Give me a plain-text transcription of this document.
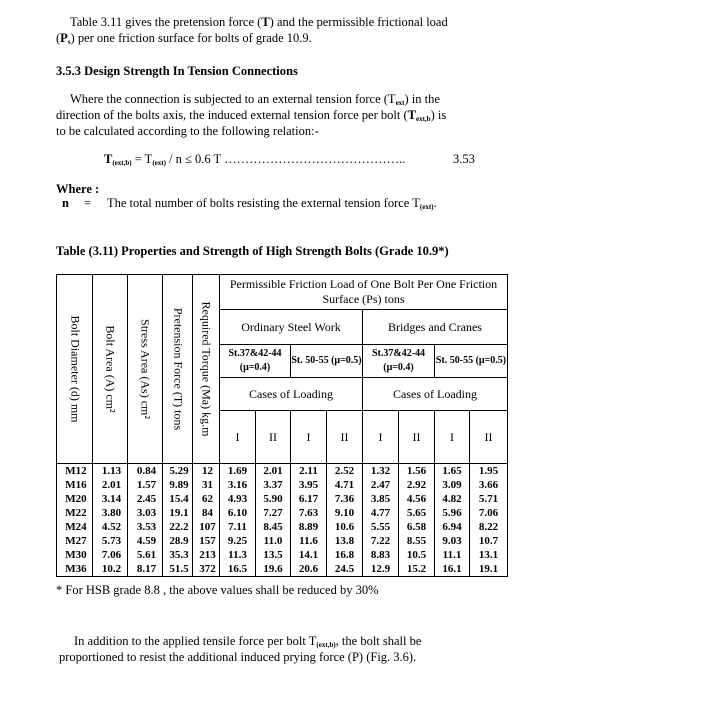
Table 3.11 gives the pretension force (T) and the permissible frictional load
$(P_s)$ per one friction surface for bolts of grade 10.9.
3.5.3 Design Strength In Tension Connections
Where the connection is subjected to an external tension force $(T_{ext})$ in the
direction of the bolts axis, the induced external tension force per bolt $(T_{ext,b})$ is
to be calculated according to the following relation:-
$T_{(ext,b)} = T_{(ext)} / n \le 0.6$ T ……………………………………..	3.53
Where :
n = The total number of bolts resisting the external tension force $T_{(ext)}$.
Table (3.11) Properties and Strength of High Strength Bolts (Grade 10.9*)
Bolt Diameter (d) mm	Bolt Area (A) cm²	Stress Area (As) cm²	Pretension Force (T) tons	Required Torque (Ma) kg.m	Permissible Friction Load of One Bolt Per One Friction Surface (Ps) tons							
					Ordinary Steel Work				Bridges and Cranes			
					St.37&42-44 (μ=0.4)		St. 50-55 (μ=0.5)		St.37&42-44 (μ=0.4)		St. 50-55 (μ=0.5)	
					Cases of Loading				Cases of Loading			
					I	II	I	II	I	II	I	II
M12	1.13	0.84	5.29	12	1.69	2.01	2.11	2.52	1.32	1.56	1.65	1.95
M16	2.01	1.57	9.89	31	3.16	3.37	3.95	4.71	2.47	2.92	3.09	3.66
M20	3.14	2.45	15.4	62	4.93	5.90	6.17	7.36	3.85	4.56	4.82	5.71
M22	3.80	3.03	19.1	84	6.10	7.27	7.63	9.10	4.77	5.65	5.96	7.06
M24	4.52	3.53	22.2	107	7.11	8.45	8.89	10.6	5.55	6.58	6.94	8.22
M27	5.73	4.59	28.9	157	9.25	11.0	11.6	13.8	7.22	8.55	9.03	10.7
M30	7.06	5.61	35.3	213	11.3	13.5	14.1	16.8	8.83	10.5	11.1	13.1
M36	10.2	8.17	51.5	372	16.5	19.6	20.6	24.5	12.9	15.2	16.1	19.1
* For HSB grade 8.8 , the above values shall be reduced by 30%
In addition to the applied tensile force per bolt $T_{(ext,b)}$, the bolt shall be
proportioned to resist the additional induced prying force (P) (Fig. 3.6).
